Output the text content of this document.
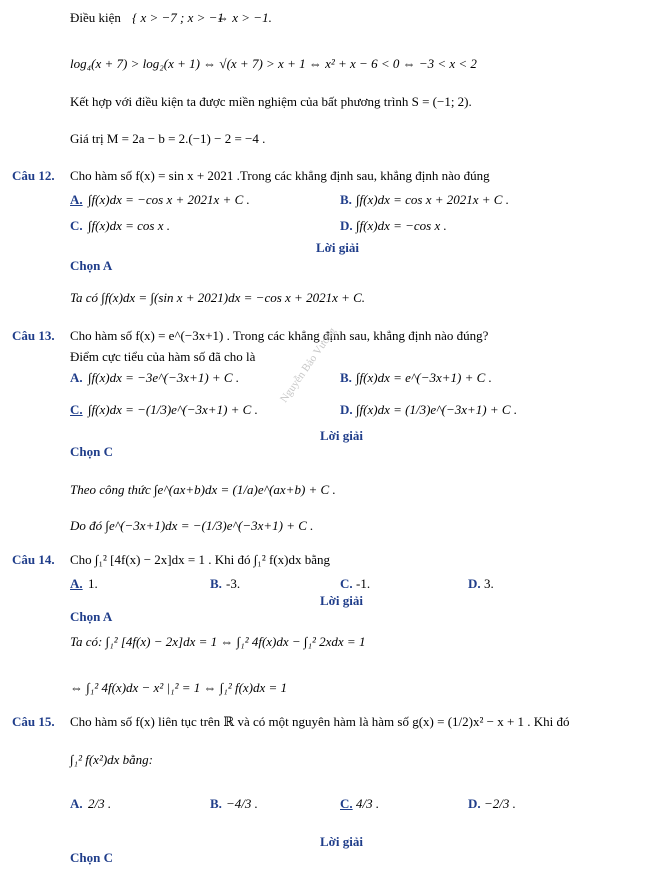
Điều kiện { x > −7 ; x > −1
⇔ x > −1.
log₄(x + 7) > log₂(x + 1) ⇔ √(x + 7) > x + 1 ⇔ x² + x − 6 < 0 ⇔ −3 < x < 2
Kết hợp với điều kiện ta được miền nghiệm của bất phương trình S = (−1; 2).
Giá trị M = 2a − b = 2.(−1) − 2 = −4 .
Câu 12. Cho hàm số f(x) = sin x + 2021 .Trong các khẳng định sau, khẳng định nào đúng
A. ∫f(x)dx = −cos x + 2021x + C .	B. ∫f(x)dx = cos x + 2021x + C .
C. ∫f(x)dx = cos x .	D. ∫f(x)dx = −cos x .
Lời giải
Chọn A
Ta có ∫f(x)dx = ∫(sin x + 2021)dx = −cos x + 2021x + C.
Câu 13. Cho hàm số f(x) = e^(−3x+1) . Trong các khẳng định sau, khẳng định nào đúng?
Điểm cực tiểu của hàm số đã cho là
A. ∫f(x)dx = −3e^(−3x+1) + C .	B. ∫f(x)dx = e^(−3x+1) + C .
C. ∫f(x)dx = −(1/3)e^(−3x+1) + C .	D. ∫f(x)dx = (1/3)e^(−3x+1) + C .
Lời giải
Chọn C
Theo công thức ∫e^(ax+b)dx = (1/a)e^(ax+b) + C .
Do đó ∫e^(−3x+1)dx = −(1/3)e^(−3x+1) + C .
Câu 14. Cho ∫₁² [4f(x) − 2x]dx = 1 . Khi đó ∫₁² f(x)dx bằng
A. 1.	B. -3.	C. -1.	D. 3.
Lời giải
Chọn A
Ta có: ∫₁² [4f(x) − 2x]dx = 1 ⇔ ∫₁² 4f(x)dx − ∫₁² 2xdx = 1
⇔ ∫₁² 4f(x)dx − x² |₁² = 1 ⇔ ∫₁² f(x)dx = 1
Câu 15. Cho hàm số f(x) liên tục trên ℝ và có một nguyên hàm là hàm số g(x) = (1/2)x² − x + 1 . Khi đó
∫₁² f(x²)dx bằng:
A. 2/3 .	B. −4/3 .	C. 4/3 .	D. −2/3 .
Lời giải
Chọn C
Nguyễn Bảo Vương
